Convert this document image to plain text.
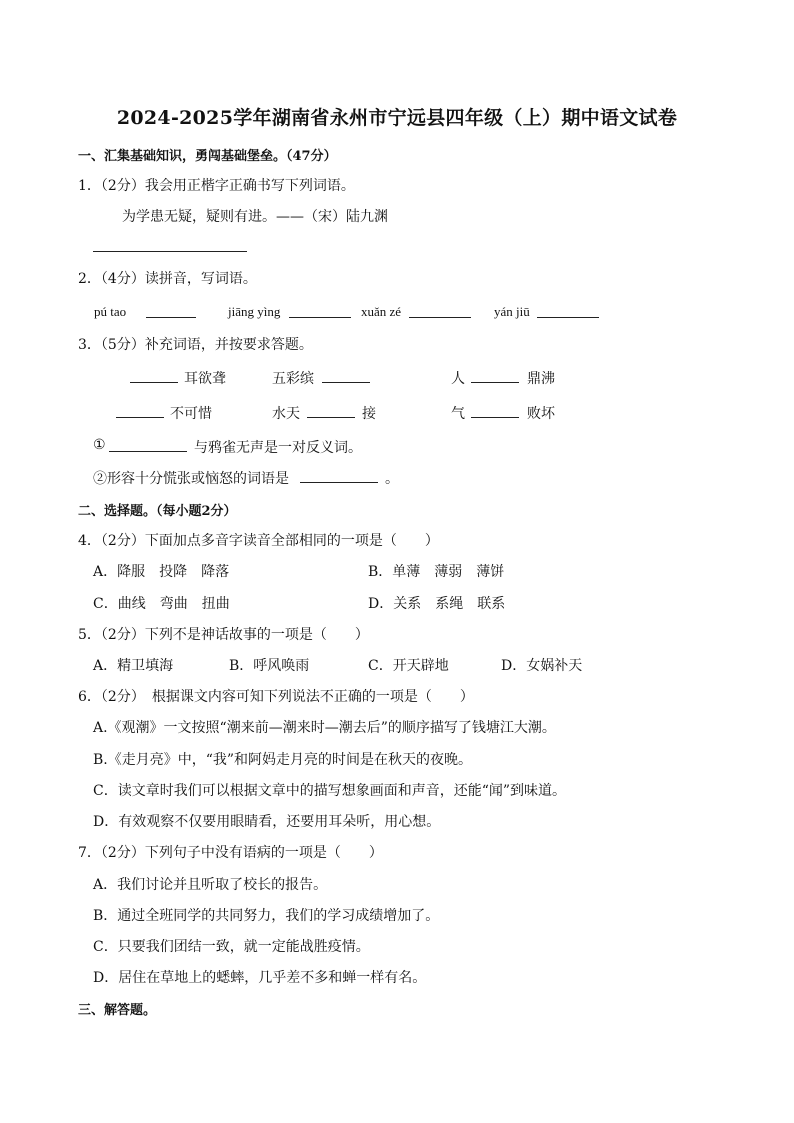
2024-2025学年湖南省永州市宁远县四年级（上）期中语文试卷
一、汇集基础知识，勇闯基础堡垒。（47分）
1．（2分）我会用正楷字正确书写下列词语。
为学患无疑，疑则有进。——（宋）陆九渊
2．（4分）读拼音，写词语。
pú tao	jiāng yìng	xuǎn zé	yán jiū
3．（5分）补充词语，并按要求答题。
耳欲聋	五彩缤	人	鼎沸
不可惜	水天	接	气	败坏
①	与鸦雀无声是一对反义词。
②形容十分慌张或恼怒的词语是	。
二、选择题。（每小题2分）
4．（2分）下面加点多音字读音全部相同的一项是（　　）
A．降服　投降　降落	B．单薄　薄弱　薄饼
C．曲线　弯曲　扭曲	D．关系　系绳　联系
5．（2分）下列不是神话故事的一项是（　　）
A．精卫填海	B．呼风唤雨	C．开天辟地	D．女娲补天
6．（2分）　根据课文内容可知下列说法不正确的一项是（　　）
A.《观潮》一文按照“潮来前—潮来时—潮去后”的顺序描写了钱塘江大潮。
B.《走月亮》中，“我”和阿妈走月亮的时间是在秋天的夜晚。
C．读文章时我们可以根据文章中的描写想象画面和声音，还能“闻”到味道。
D．有效观察不仅要用眼睛看，还要用耳朵听，用心想。
7．（2分）下列句子中没有语病的一项是（　　）
A．我们讨论并且听取了校长的报告。
B．通过全班同学的共同努力，我们的学习成绩增加了。
C．只要我们团结一致，就一定能战胜疫情。
D．居住在草地上的蟋蟀，几乎差不多和蝉一样有名。
三、解答题。
